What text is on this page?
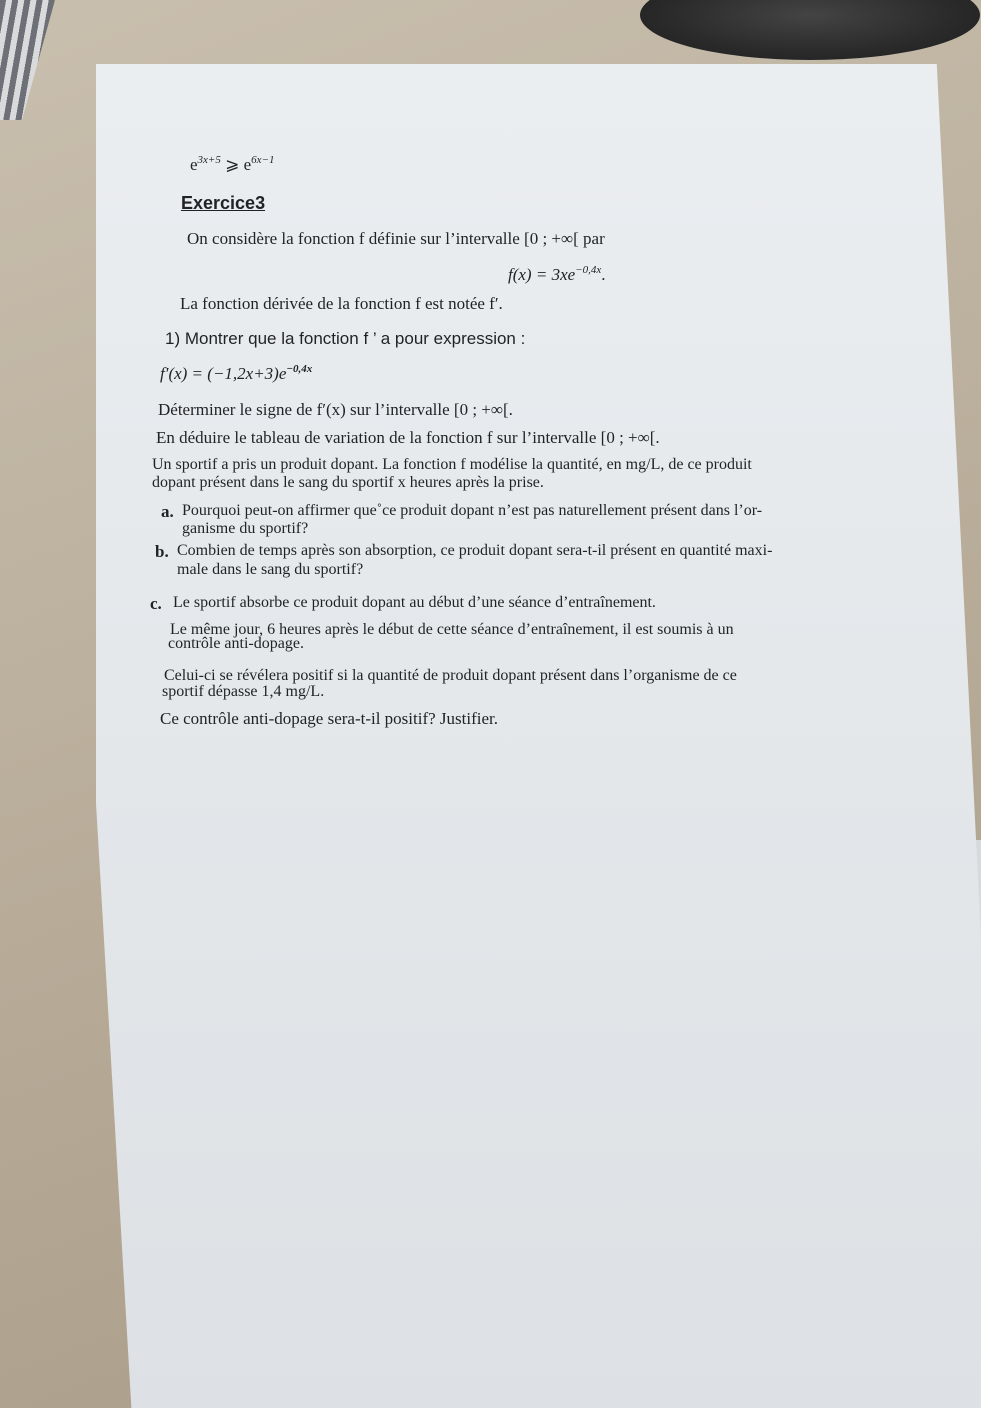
$e^{3x+5}$ ⩾ $e^{6x-1}$
Exercice3
On considère la fonction f définie sur l’intervalle [0 ; +∞[ par
$f(x) = 3xe^{-0,4x}$.
La fonction dérivée de la fonction f est notée f′.
1) Montrer que la fonction f ’ a pour expression :
$f'(x) = (-1,2x+3)e^{-0,4x}$
Déterminer le signe de f′(x) sur l’intervalle [0 ; +∞[.
En déduire le tableau de variation de la fonction f sur l’intervalle [0 ; +∞[.
Un sportif a pris un produit dopant. La fonction f modélise la quantité, en mg/L, de ce produit
dopant présent dans le sang du sportif x heures après la prise.
a. Pourquoi peut-on affirmer que˚ce produit dopant n’est pas naturellement présent dans l’or-
ganisme du sportif?
b. Combien de temps après son absorption, ce produit dopant sera-t-il présent en quantité maxi-
male dans le sang du sportif?
c. Le sportif absorbe ce produit dopant au début d’une séance d’entraînement.
Le même jour, 6 heures après le début de cette séance d’entraînement, il est soumis à un
contrôle anti-dopage.
Celui-ci se révélera positif si la quantité de produit dopant présent dans l’organisme de ce
sportif dépasse 1,4 mg/L.
Ce contrôle anti-dopage sera-t-il positif? Justifier.
